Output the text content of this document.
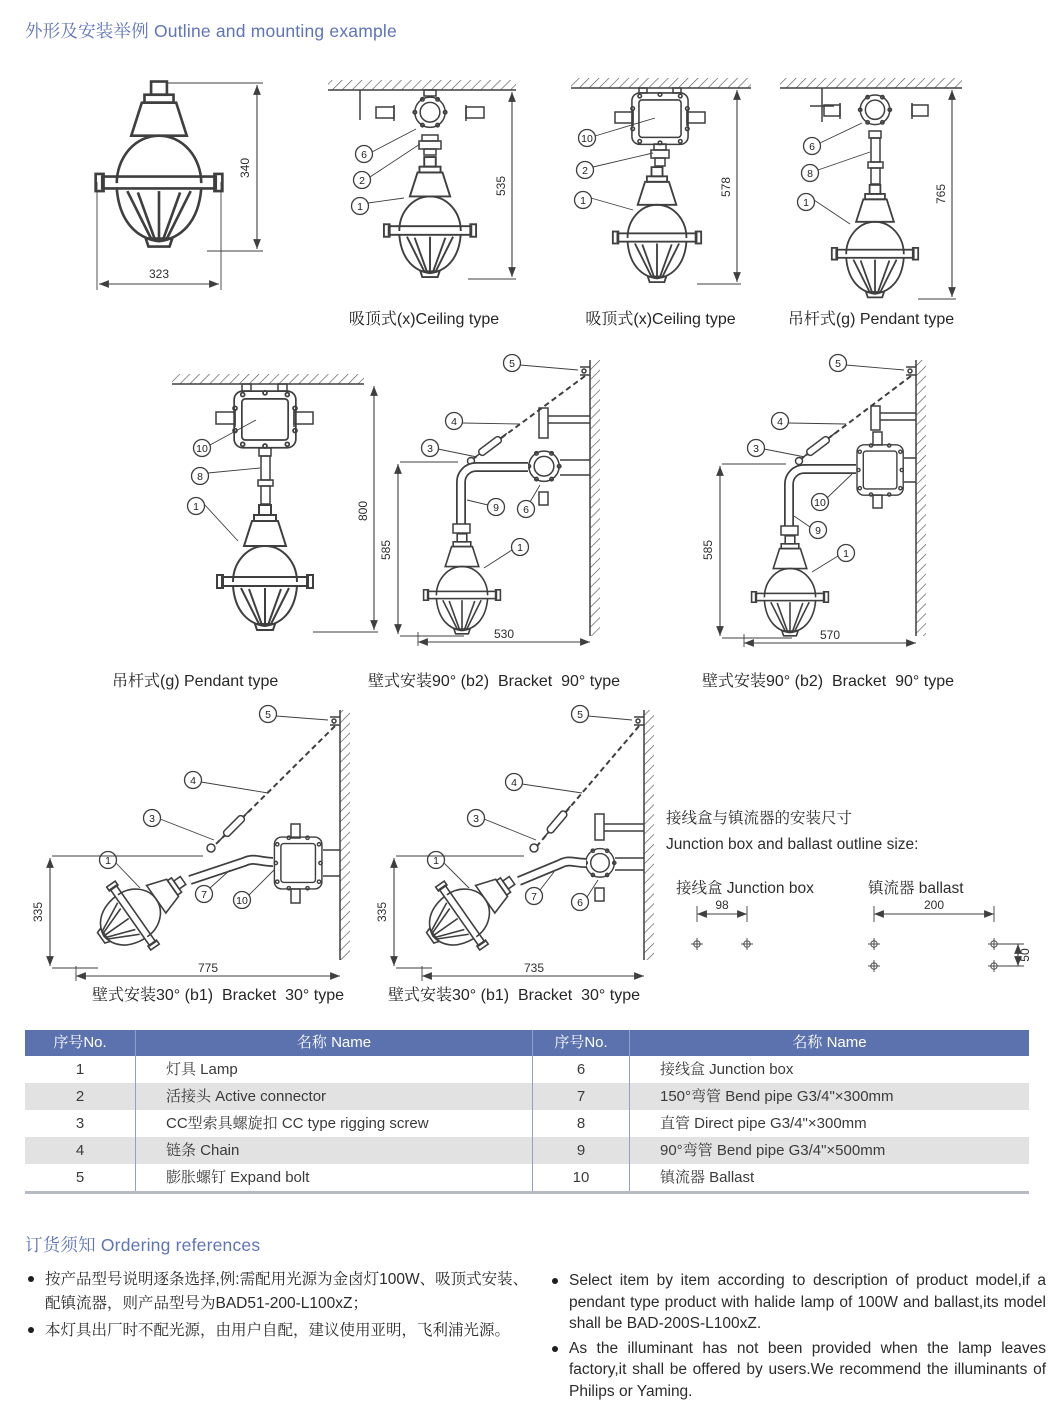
外形及安装举例 Outline and mounting example
340
323
535
6
2
1
吸顶式(x)Ceiling type
578
10
2
1
吸顶式(x)Ceiling type
765
6
8
1
吊杆式(g) Pendant type
800
10
8
1
吊杆式(g) Pendant type
5
4
3
9 6
1
585
530
壁式安装90° (b2)  Bracket  90° type
5
4
3
10
9
1
585
570
壁式安装90° (b2)  Bracket  90° type
5
4
3
1
7	10
335
775
壁式安装30° (b1)  Bracket  30° type
5
4
3
1
7	6
335
735
壁式安装30° (b1)  Bracket  30° type
接线盒与镇流器的安装尺寸
Junction box and ballast outline size:
接线盒 Junction box	镇流器 ballast
98	200
50
序号No.	名称 Name	序号No.	名称 Name
1	灯具 Lamp	6	接线盒 Junction box
2	活接头 Active connector	7	150°弯管 Bend pipe G3/4"×300mm
3	CC型索具螺旋扣 CC type rigging screw	8	直管 Direct pipe G3/4"×300mm
4	链条 Chain	9	90°弯管 Bend pipe G3/4"×500mm
5	膨胀螺钉 Expand bolt	10	镇流器 Ballast
订货须知 Ordering references
按产品型号说明逐条选择,例:需配用光源为金卤灯100W、吸顶式安装、配镇流器，则产品型号为BAD51-200-L100xZ；
本灯具出厂时不配光源，由用户自配，建议使用亚明，飞利浦光源。
Select item by item according to description of product model,if a pendant type product with halide lamp of 100W and ballast,its model shall be BAD-200S-L100xZ.
As the illuminant has not been provided when the lamp leaves factory,it shall be offered by users.We recommend the illuminants of Philips or Yaming.
